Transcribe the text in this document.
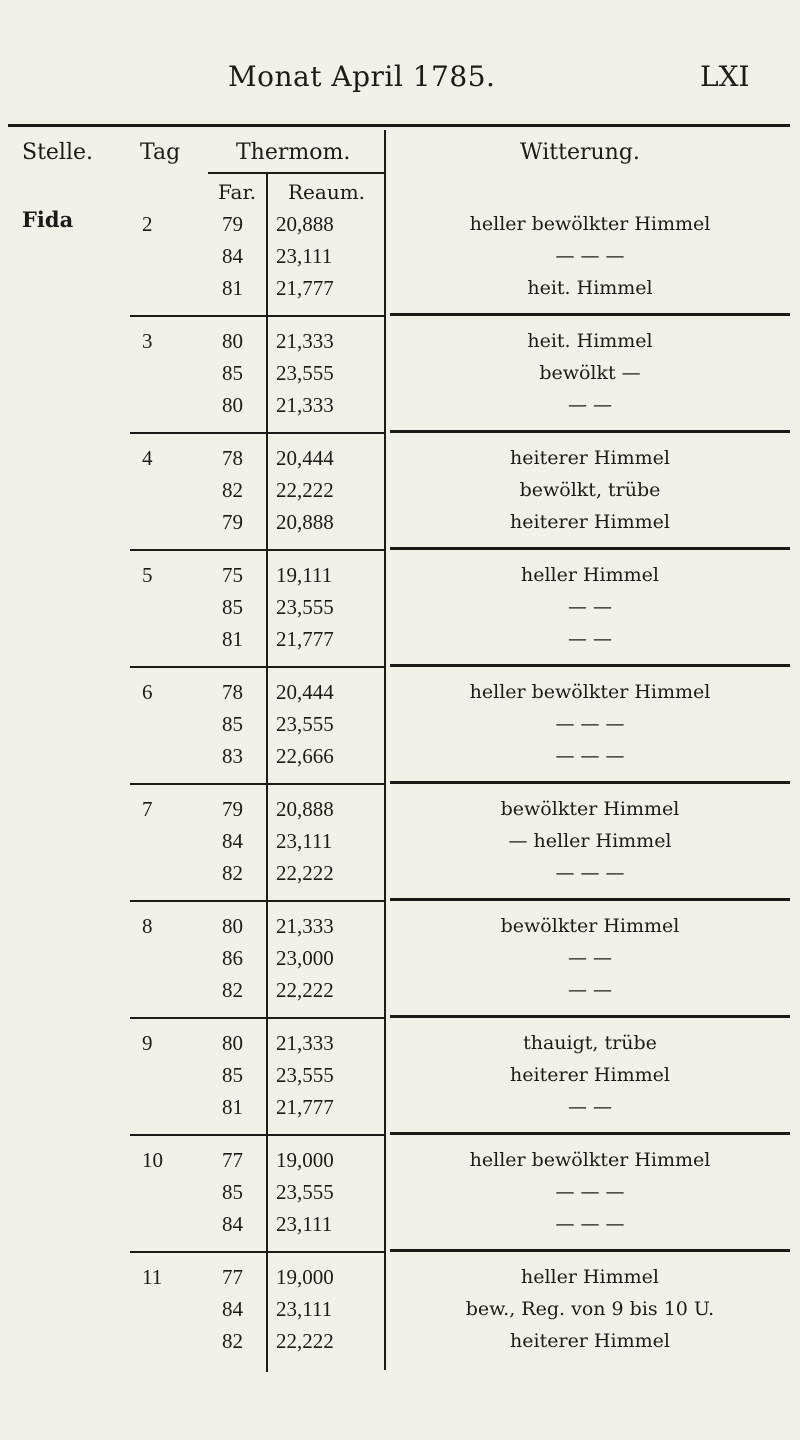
Monat April 1785.	LXI
Stelle. Tag	Thermom.	Witterung.
Far. Reaum.
Fida	2	79 20,888	heller bewölkter Himmel
84 23,111	— — —
81 21,777	heit. Himmel
3	80 21,333	heit. Himmel
85 23,555	bewölkt —
80 21,333	— —
4	78 20,444	heiterer Himmel
82 22,222	bewölkt, trübe
79 20,888	heiterer Himmel
5	75 19,111	heller Himmel
85 23,555	— —
81 21,777	— —
6	78 20,444	heller bewölkter Himmel
85 23,555	— — —
83 22,666	— — —
7	79 20,888	bewölkter Himmel
84 23,111	— heller Himmel
82 22,222	— — —
8	80 21,333	bewölkter Himmel
86 23,000	— —
82 22,222	— —
9	80 21,333	thauigt, trübe
85 23,555	heiterer Himmel
81 21,777	— —
10	77 19,000	heller bewölkter Himmel
85 23,555	— — —
84 23,111	— — —
11	77 19,000	heller Himmel
84 23,111	bew., Reg. von 9 bis 10 U.
82 22,222	heiterer Himmel
